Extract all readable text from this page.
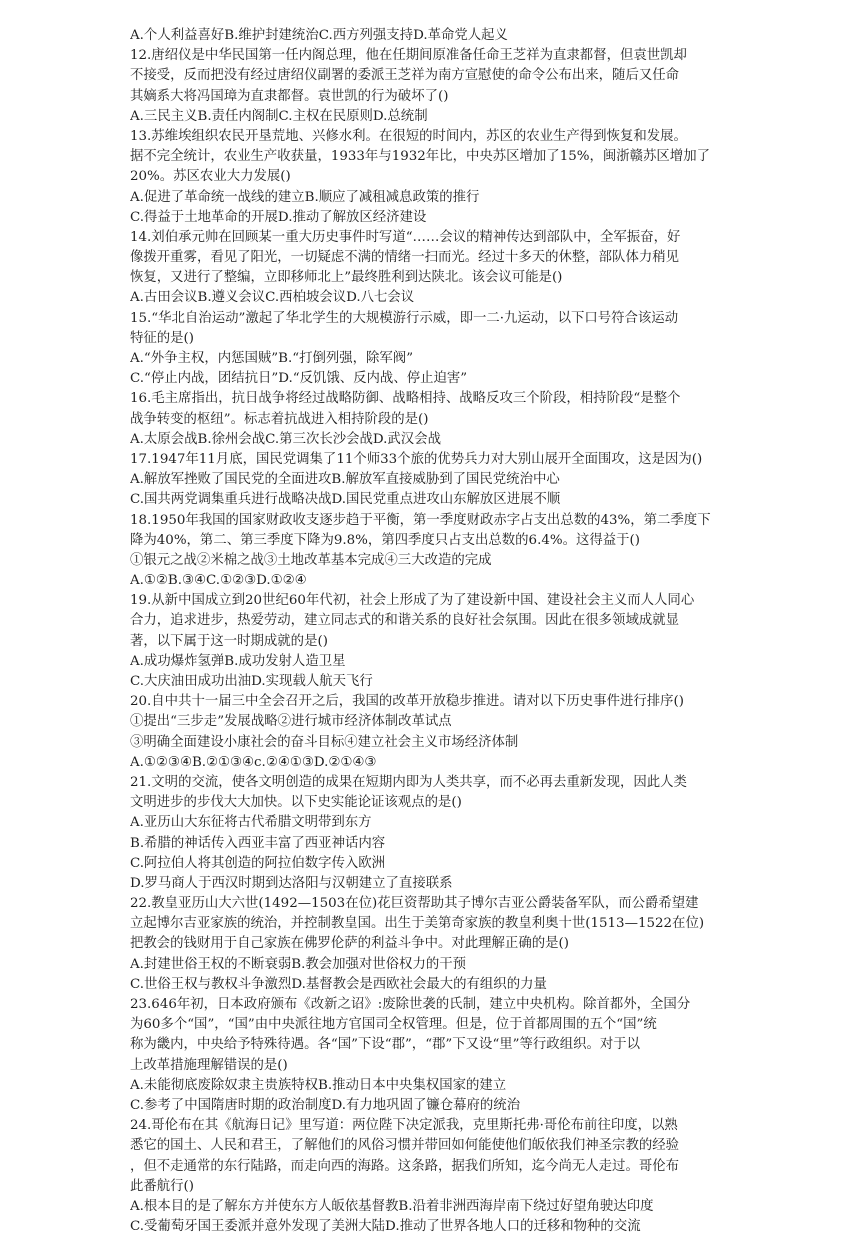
A.个人利益喜好B.维护封建统治C.西方列强支持D.革命党人起义
12.唐绍仪是中华民国第一任内阁总理，他在任期间原准备任命王芝祥为直隶都督，但袁世凯却
不接受，反而把没有经过唐绍仪副署的委派王芝祥为南方宣慰使的命令公布出来，随后又任命
其嫡系大将冯国璋为直隶都督。袁世凯的行为破坏了()
A.三民主义B.责任内阁制C.主权在民原则D.总统制
13.苏维埃组织农民开垦荒地、兴修水利。在很短的时间内，苏区的农业生产得到恢复和发展。
据不完全统计，农业生产收获量，1933年与1932年比，中央苏区增加了15%，闽浙赣苏区增加了
20%。苏区农业大力发展()
A.促进了革命统一战线的建立B.顺应了减租减息政策的推行
C.得益于土地革命的开展D.推动了解放区经济建设
14.刘伯承元帅在回顾某一重大历史事件时写道“……会议的精神传达到部队中，全军振奋，好
像拨开重雾，看见了阳光，一切疑虑不满的情绪一扫而光。经过十多天的休整，部队体力稍见
恢复，又进行了整编，立即移师北上”最终胜利到达陕北。该会议可能是()
A.古田会议B.遵义会议C.西柏坡会议D.八七会议
15.“华北自治运动”激起了华北学生的大规模游行示威，即一二·九运动，以下口号符合该运动
特征的是()
A.“外争主权，内惩国贼”B.“打倒列强，除军阀”
C.“停止内战，团结抗日”D.“反饥饿、反内战、停止迫害”
16.毛主席指出，抗日战争将经过战略防御、战略相持、战略反攻三个阶段，相持阶段“是整个
战争转变的枢纽”。标志着抗战进入相持阶段的是()
A.太原会战B.徐州会战C.第三次长沙会战D.武汉会战
17.1947年11月底，国民党调集了11个师33个旅的优势兵力对大别山展开全面围攻，这是因为()
A.解放军挫败了国民党的全面进攻B.解放军直接威胁到了国民党统治中心
C.国共两党调集重兵进行战略决战D.国民党重点进攻山东解放区进展不顺
18.1950年我国的国家财政收支逐步趋于平衡，第一季度财政赤字占支出总数的43%，第二季度下
降为40%，第二、第三季度下降为9.8%，第四季度只占支出总数的6.4%。这得益于()
①银元之战②米棉之战③土地改革基本完成④三大改造的完成
A.①②B.③④C.①②③D.①②④
19.从新中国成立到20世纪60年代初，社会上形成了为了建设新中国、建设社会主义而人人同心
合力，追求进步，热爱劳动，建立同志式的和谐关系的良好社会氛围。因此在很多领域成就显
著，以下属于这一时期成就的是()
A.成功爆炸氢弹B.成功发射人造卫星
C.大庆油田成功出油D.实现载人航天飞行
20.自中共十一届三中全会召开之后，我国的改革开放稳步推进。请对以下历史事件进行排序()
①提出“三步走”发展战略②进行城市经济体制改革试点
③明确全面建设小康社会的奋斗目标④建立社会主义市场经济体制
A.①②③④B.②①③④c.②④①③D.②①④③
21.文明的交流，使各文明创造的成果在短期内即为人类共享，而不必再去重新发现，因此人类
文明进步的步伐大大加快。以下史实能论证该观点的是()
A.亚历山大东征将古代希腊文明带到东方
B.希腊的神话传入西亚丰富了西亚神话内容
C.阿拉伯人将其创造的阿拉伯数字传入欧洲
D.罗马商人于西汉时期到达洛阳与汉朝建立了直接联系
22.教皇亚历山大六世(1492—1503在位)花巨资帮助其子博尔吉亚公爵装备军队，而公爵希望建
立起博尔吉亚家族的统治，并控制教皇国。出生于美第奇家族的教皇利奥十世(1513—1522在位)
把教会的钱财用于自己家族在佛罗伦萨的利益斗争中。对此理解正确的是()
A.封建世俗王权的不断衰弱B.教会加强对世俗权力的干预
C.世俗王权与教权斗争激烈D.基督教会是西欧社会最大的有组织的力量
23.646年初，日本政府颁布《改新之诏》:废除世袭的氏制，建立中央机构。除首都外，全国分
为60多个“国”，“国”由中央派往地方官国司全权管理。但是，位于首都周围的五个“国”统
称为畿内，中央给予特殊待遇。各“国”下设“郡”，“郡”下又设“里”等行政组织。对于以
上改革措施理解错误的是()
A.未能彻底废除奴隶主贵族特权B.推动日本中央集权国家的建立
C.参考了中国隋唐时期的政治制度D.有力地巩固了镰仓幕府的统治
24.哥伦布在其《航海日记》里写道：两位陛下决定派我，克里斯托弗·哥伦布前往印度，以熟
悉它的国土、人民和君王，了解他们的风俗习惯并带回如何能使他们皈依我们神圣宗教的经验
，但不走通常的东行陆路，而走向西的海路。这条路，据我们所知，迄今尚无人走过。哥伦布
此番航行()
A.根本目的是了解东方并使东方人皈依基督教B.沿着非洲西海岸南下绕过好望角驶达印度
C.受葡萄牙国王委派并意外发现了美洲大陆D.推动了世界各地人口的迁移和物种的交流
